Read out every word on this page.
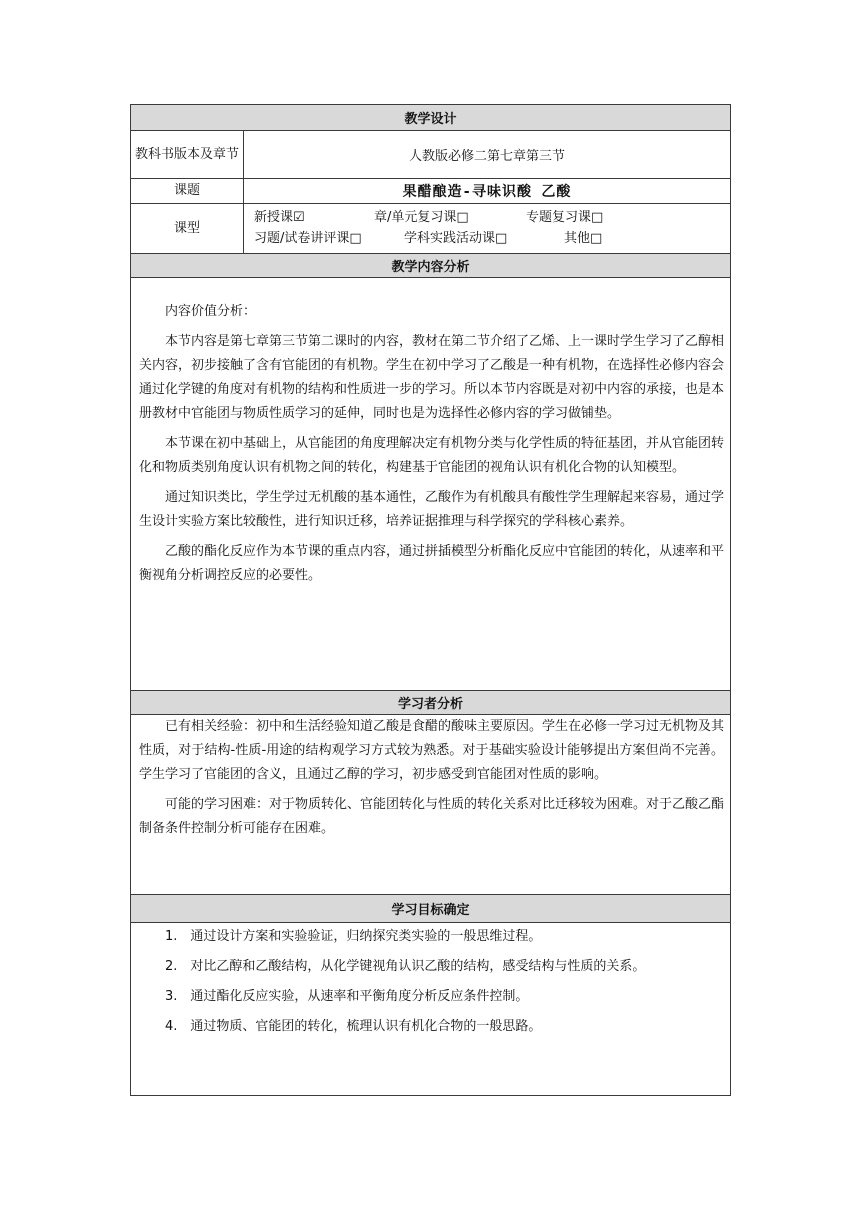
教学设计
教科书版本及章节	人教版必修二第七章第三节
课题	果醋酿造-寻味识酸 乙酸
课型
新授课☑	章/单元复习课□	专题复习课□
习题/试卷讲评课□	学科实践活动课□	其他□
教学内容分析

内容价值分析：

本节内容是第七章第三节第二课时的内容，教材在第二节介绍了乙烯、上一课时学生学习了乙醇相关内容，初步接触了含有官能团的有机物。学生在初中学习了乙酸是一种有机物，在选择性必修内容会通过化学键的角度对有机物的结构和性质进一步的学习。所以本节内容既是对初中内容的承接，也是本册教材中官能团与物质性质学习的延伸，同时也是为选择性必修内容的学习做铺垫。

本节课在初中基础上，从官能团的角度理解决定有机物分类与化学性质的特征基团，并从官能团转化和物质类别角度认识有机物之间的转化，构建基于官能团的视角认识有机化合物的认知模型。

通过知识类比，学生学过无机酸的基本通性，乙酸作为有机酸具有酸性学生理解起来容易，通过学生设计实验方案比较酸性，进行知识迁移，培养证据推理与科学探究的学科核心素养。

乙酸的酯化反应作为本节课的重点内容，通过拼插模型分析酯化反应中官能团的转化，从速率和平衡视角分析调控反应的必要性。

学习者分析

已有相关经验：初中和生活经验知道乙酸是食醋的酸味主要原因。学生在必修一学习过无机物及其性质，对于结构-性质-用途的结构观学习方式较为熟悉。对于基础实验设计能够提出方案但尚不完善。学生学习了官能团的含义，且通过乙醇的学习，初步感受到官能团对性质的影响。

可能的学习困难：对于物质转化、官能团转化与性质的转化关系对比迁移较为困难。对于乙酸乙酯制备条件控制分析可能存在困难。

学习目标确定

1.　通过设计方案和实验验证，归纳探究类实验的一般思维过程。

2.　对比乙醇和乙酸结构，从化学键视角认识乙酸的结构，感受结构与性质的关系。

3.　通过酯化反应实验，从速率和平衡角度分析反应条件控制。

4.　通过物质、官能团的转化，梳理认识有机化合物的一般思路。
